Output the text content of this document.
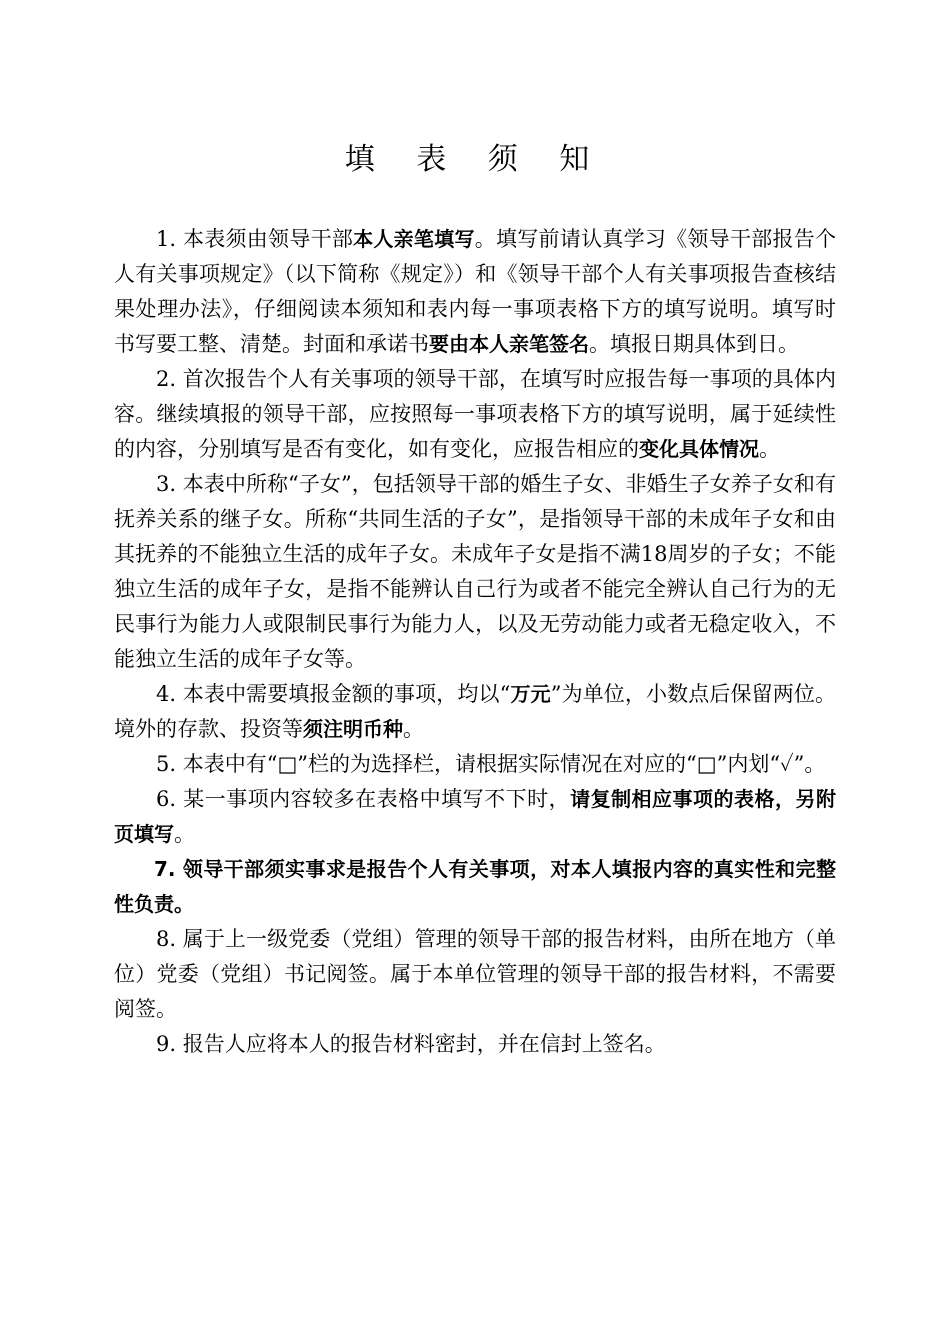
填 表 须 知

1. 本表须由领导干部本人亲笔填写。填写前请认真学习《领导干部报告个人有关事项规定》（以下简称《规定》）和《领导干部个人有关事项报告查核结果处理办法》，仔细阅读本须知和表内每一事项表格下方的填写说明。填写时书写要工整、清楚。封面和承诺书要由本人亲笔签名。填报日期具体到日。

2. 首次报告个人有关事项的领导干部，在填写时应报告每一事项的具体内容。继续填报的领导干部，应按照每一事项表格下方的填写说明，属于延续性的内容，分别填写是否有变化，如有变化，应报告相应的变化具体情况。

3. 本表中所称“子女”，包括领导干部的婚生子女、非婚生子女养子女和有抚养关系的继子女。所称“共同生活的子女”，是指领导干部的未成年子女和由其抚养的不能独立生活的成年子女。未成年子女是指不满18周岁的子女；不能独立生活的成年子女，是指不能辨认自己行为或者不能完全辨认自己行为的无民事行为能力人或限制民事行为能力人，以及无劳动能力或者无稳定收入，不能独立生活的成年子女等。

4. 本表中需要填报金额的事项，均以“万元”为单位，小数点后保留两位。境外的存款、投资等须注明币种。

5. 本表中有“□”栏的为选择栏，请根据实际情况在对应的“□”内划“✓”。

6. 某一事项内容较多在表格中填写不下时，请复制相应事项的表格，另附页填写。

7. 领导干部须实事求是报告个人有关事项，对本人填报内容的真实性和完整性负责。

8. 属于上一级党委（党组）管理的领导干部的报告材料，由所在地方（单位）党委（党组）书记阅签。属于本单位管理的领导干部的报告材料，不需要阅签。

9. 报告人应将本人的报告材料密封，并在信封上签名。
